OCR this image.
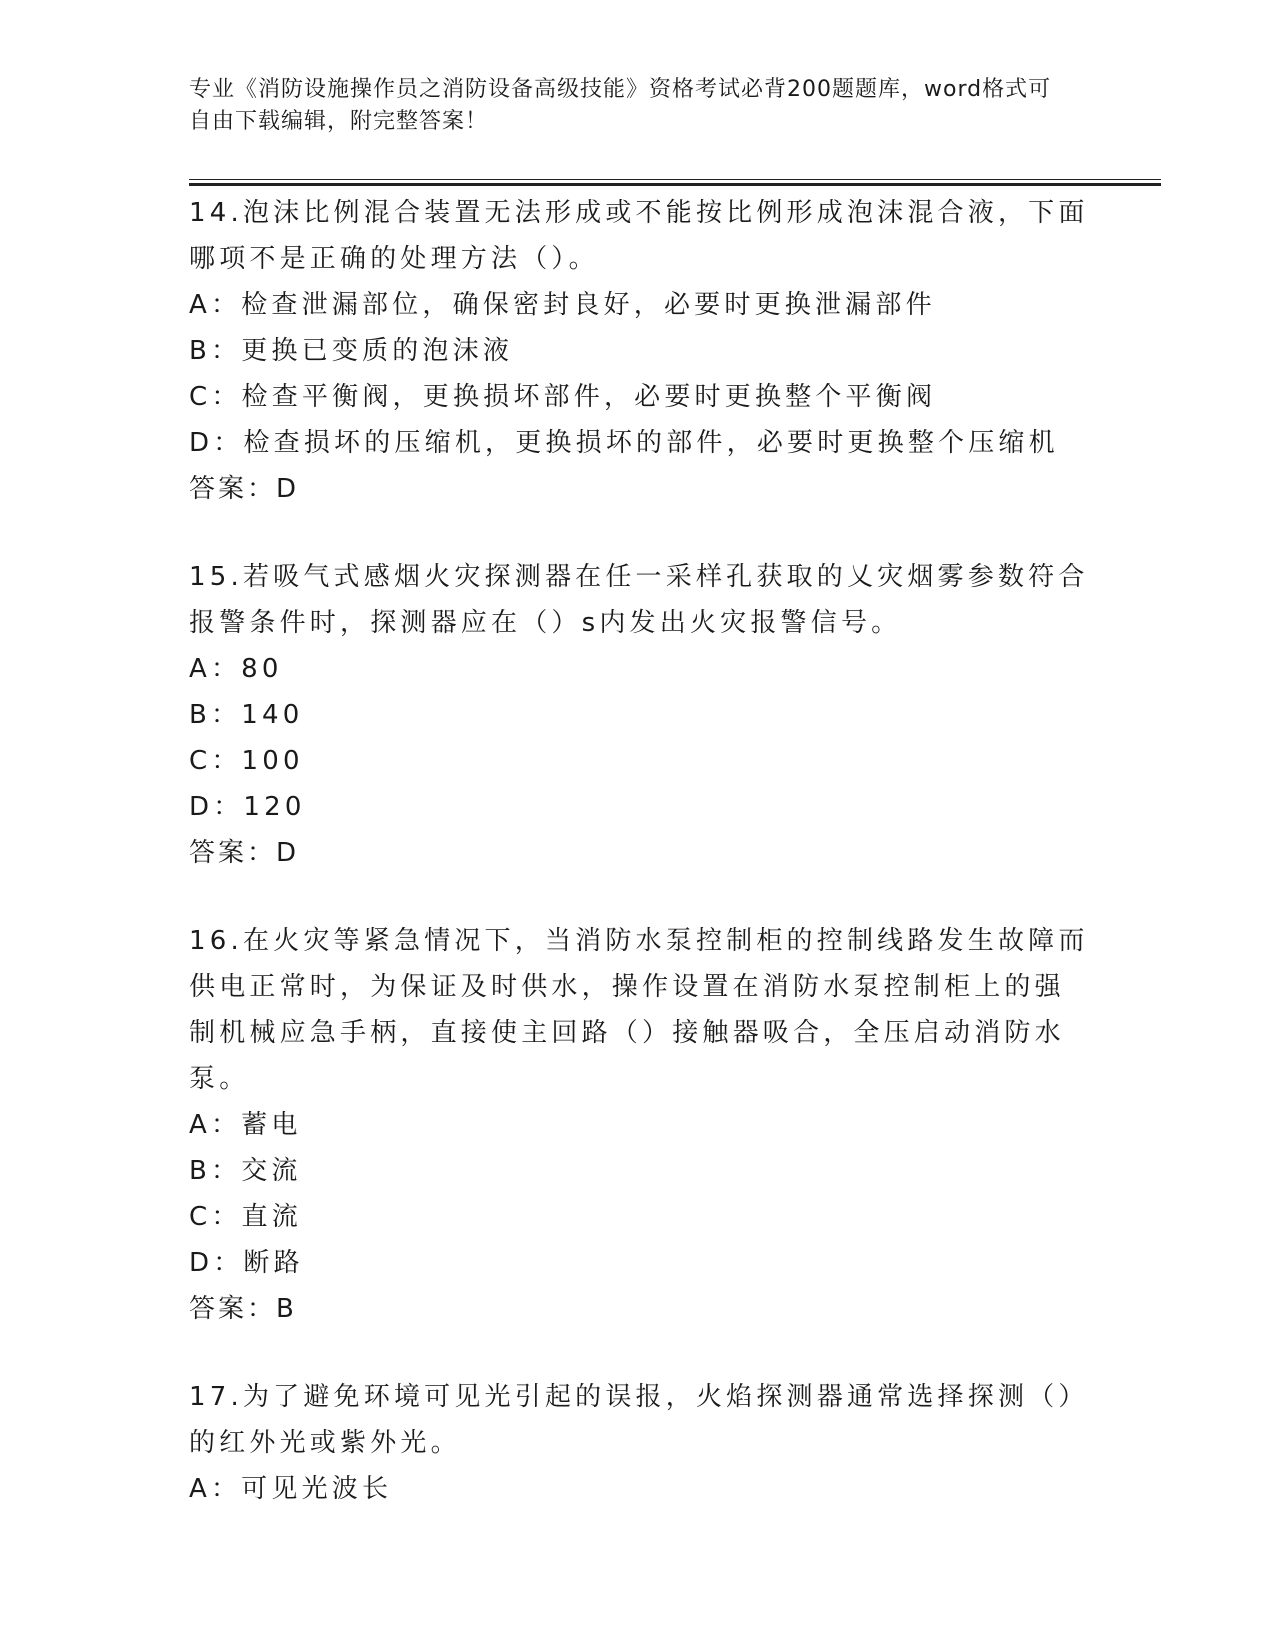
专业《消防设施操作员之消防设备高级技能》资格考试必背200题题库，word格式可自由下载编辑，附完整答案！

14.泡沫比例混合装置无法形成或不能按比例形成泡沫混合液，下面哪项不是正确的处理方法（）。

A：检查泄漏部位，确保密封良好，必要时更换泄漏部件

B：更换已变质的泡沫液

C：检查平衡阀，更换损坏部件，必要时更换整个平衡阀

D：检查损坏的压缩机，更换损坏的部件，必要时更换整个压缩机

答案：D

15.若吸气式感烟火灾探测器在任一采样孔获取的乂灾烟雾参数符合报警条件时，探测器应在（）s内发出火灾报警信号。

A：80

B：140

C：100

D：120

答案：D

16.在火灾等紧急情况下，当消防水泵控制柜的控制线路发生故障而供电正常时，为保证及时供水，操作设置在消防水泵控制柜上的强制机械应急手柄，直接使主回路（）接触器吸合，全压启动消防水泵。

A：蓄电

B：交流

C：直流

D：断路

答案：B

17.为了避免环境可见光引起的误报，火焰探测器通常选择探测（）的红外光或紫外光。

A：可见光波长
